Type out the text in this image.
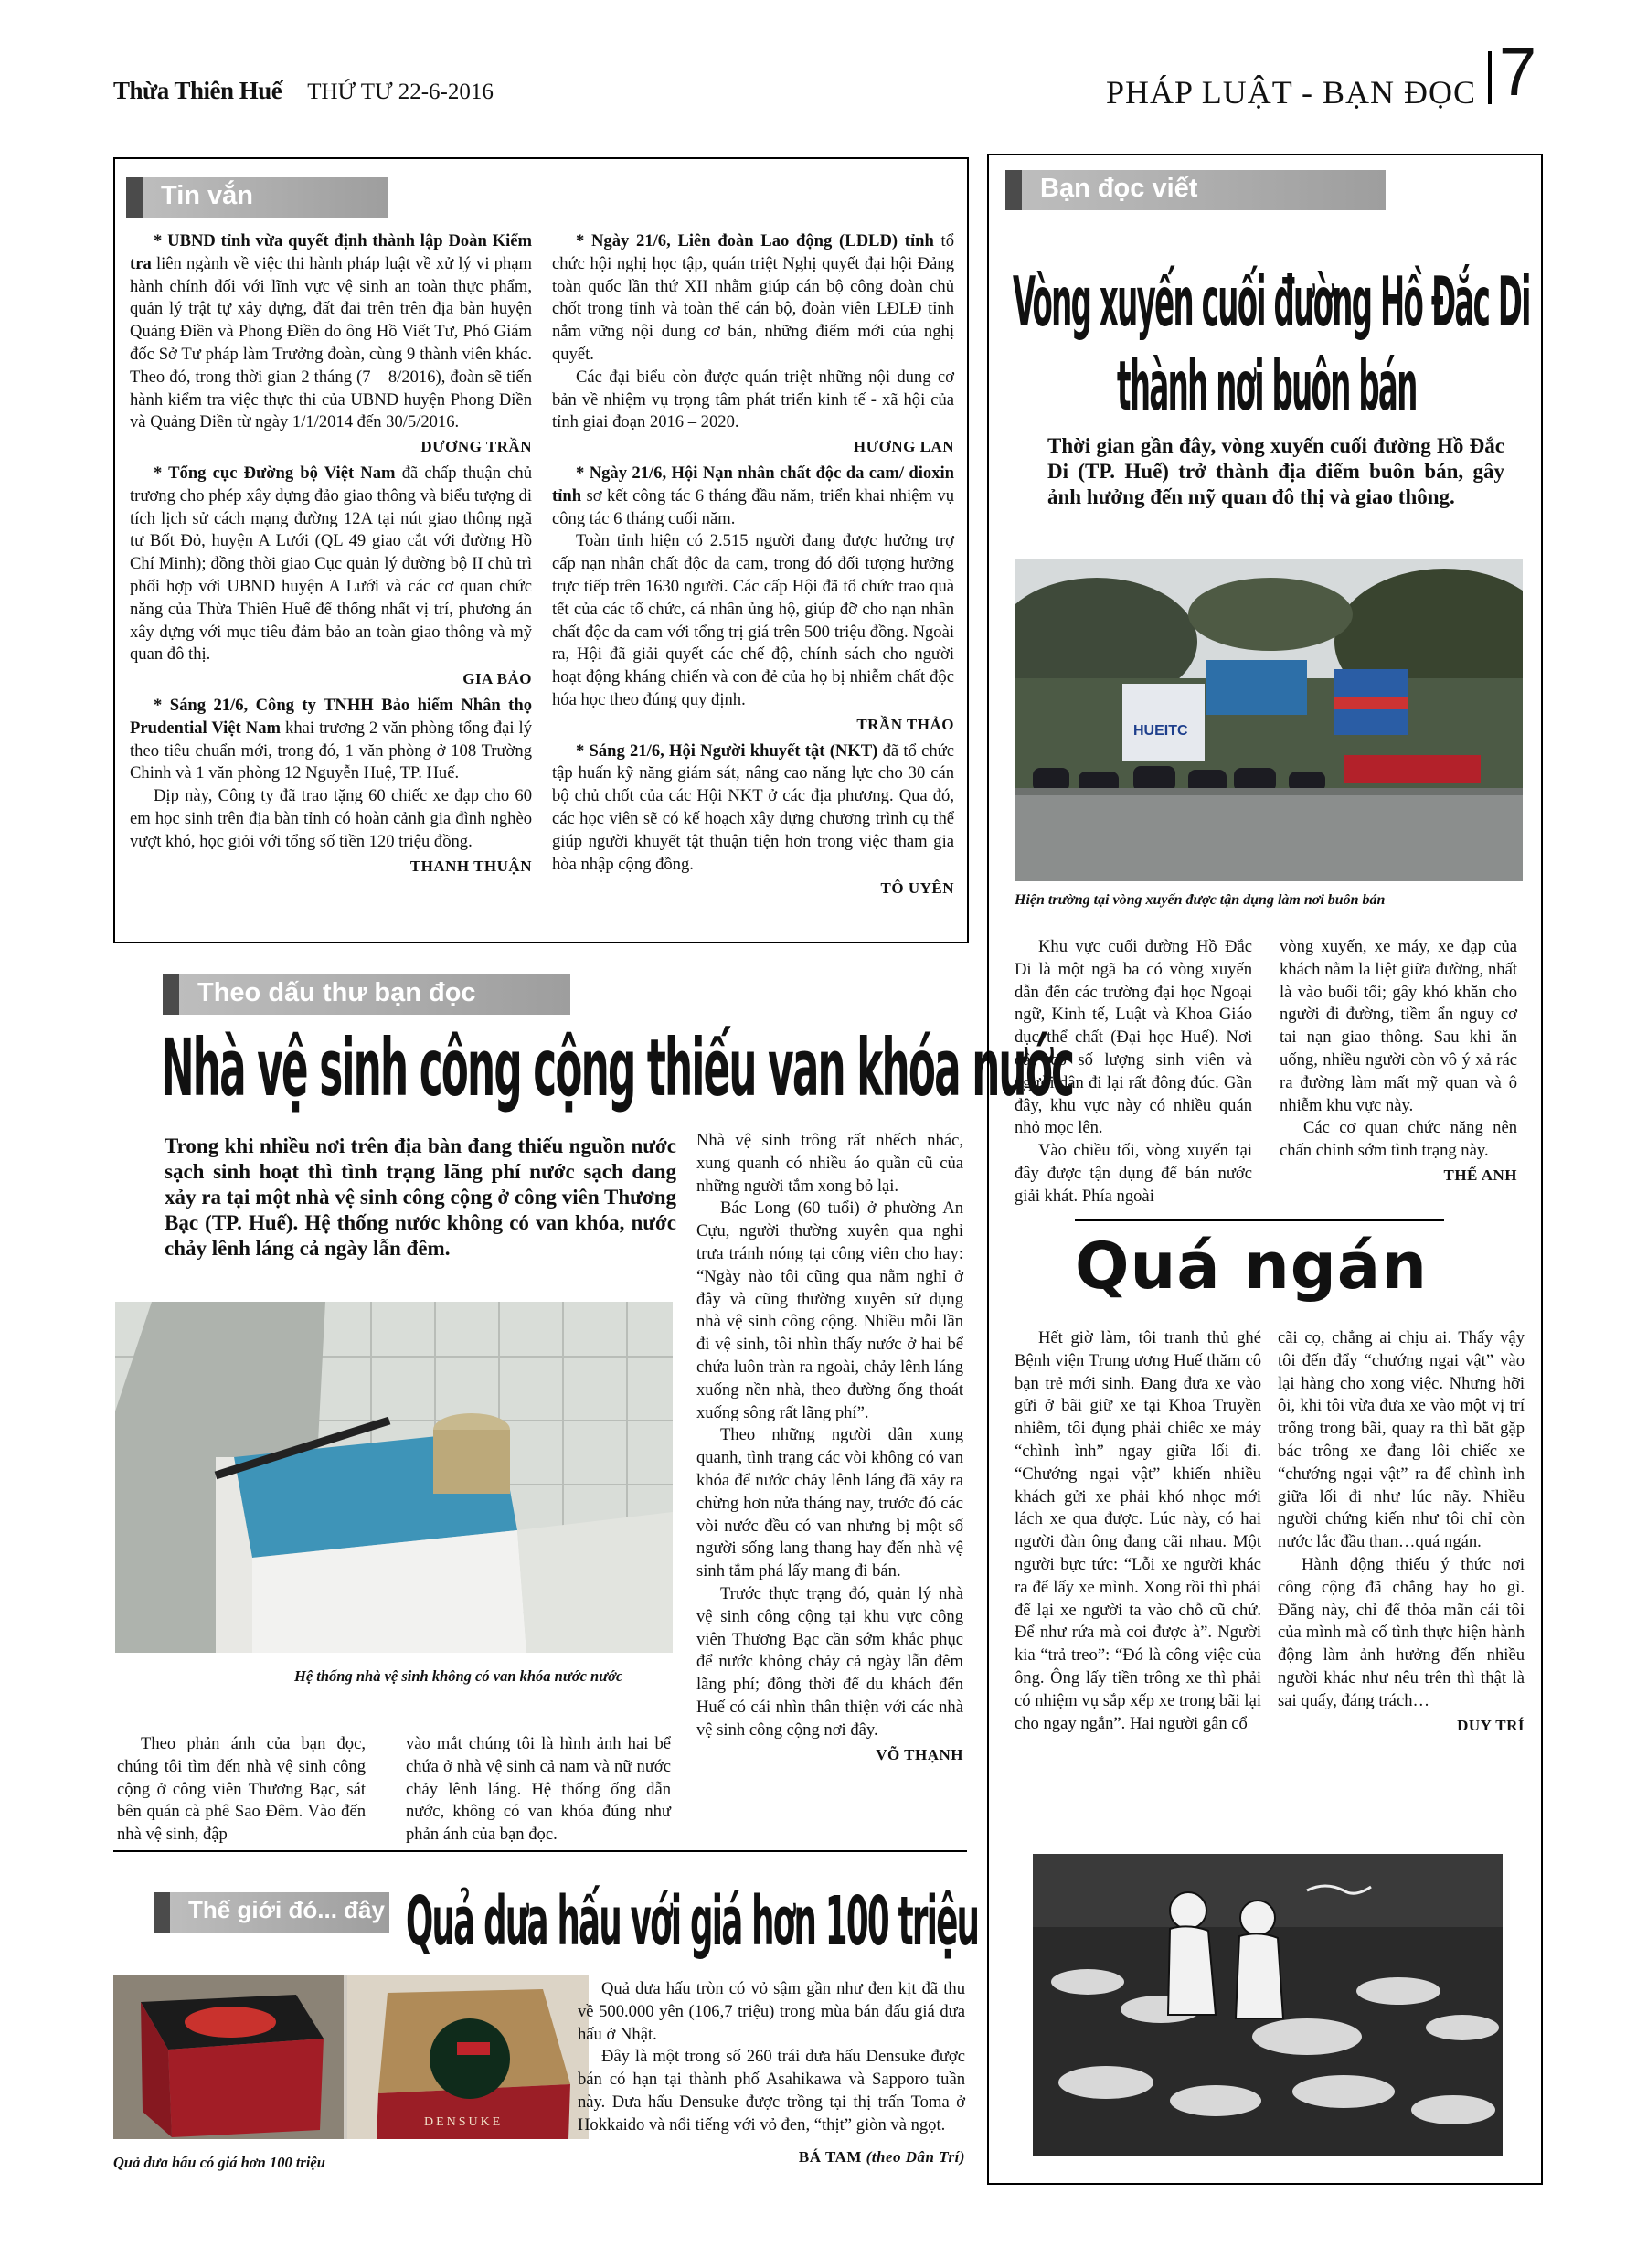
Thừa Thiên Huế THỨ TƯ 22-6-2016	PHÁP LUẬT - BẠN ĐỌC 7
Tin vắn

* UBND tỉnh vừa quyết định thành lập Đoàn Kiểm tra liên ngành về việc thi hành pháp luật về xử lý vi phạm hành chính đối với lĩnh vực vệ sinh an toàn thực phẩm, quản lý trật tự xây dựng, đất đai trên trên địa bàn huyện Quảng Điền và Phong Điền do ông Hồ Viết Tư, Phó Giám đốc Sở Tư pháp làm Trưởng đoàn, cùng 9 thành viên khác. Theo đó, trong thời gian 2 tháng (7 – 8/2016), đoàn sẽ tiến hành kiểm tra việc thực thi của UBND huyện Phong Điền và Quảng Điền từ ngày 1/1/2014 đến 30/5/2016.

DƯƠNG TRẦN

* Tổng cục Đường bộ Việt Nam đã chấp thuận chủ trương cho phép xây dựng đảo giao thông và biểu tượng di tích lịch sử cách mạng đường 12A tại nút giao thông ngã tư Bốt Đỏ, huyện A Lưới (QL 49 giao cắt với đường Hồ Chí Minh); đồng thời giao Cục quản lý đường bộ II chủ trì phối hợp với UBND huyện A Lưới và các cơ quan chức năng của Thừa Thiên Huế để thống nhất vị trí, phương án xây dựng với mục tiêu đảm bảo an toàn giao thông và mỹ quan đô thị.

GIA BẢO

* Sáng 21/6, Công ty TNHH Bảo hiểm Nhân thọ Prudential Việt Nam khai trương 2 văn phòng tổng đại lý theo tiêu chuẩn mới, trong đó, 1 văn phòng ở 108 Trường Chinh và 1 văn phòng 12 Nguyễn Huệ, TP. Huế.

Dịp này, Công ty đã trao tặng 60 chiếc xe đạp cho 60 em học sinh trên địa bàn tỉnh có hoàn cảnh gia đình nghèo vượt khó, học giỏi với tổng số tiền 120 triệu đồng.

THANH THUẬN

* Ngày 21/6, Liên đoàn Lao động (LĐLĐ) tỉnh tổ chức hội nghị học tập, quán triệt Nghị quyết đại hội Đảng toàn quốc lần thứ XII nhằm giúp cán bộ công đoàn chủ chốt trong tỉnh và toàn thể cán bộ, đoàn viên LĐLĐ tỉnh nắm vững nội dung cơ bản, những điểm mới của nghị quyết.

Các đại biểu còn được quán triệt những nội dung cơ bản về nhiệm vụ trọng tâm phát triển kinh tế - xã hội của tỉnh giai đoạn 2016 – 2020.

HƯƠNG LAN

* Ngày 21/6, Hội Nạn nhân chất độc da cam/ dioxin tỉnh sơ kết công tác 6 tháng đầu năm, triển khai nhiệm vụ công tác 6 tháng cuối năm.

Toàn tỉnh hiện có 2.515 người đang được hưởng trợ cấp nạn nhân chất độc da cam, trong đó đối tượng hưởng trực tiếp trên 1630 người. Các cấp Hội đã tổ chức trao quà tết của các tổ chức, cá nhân ủng hộ, giúp đỡ cho nạn nhân chất độc da cam với tổng trị giá trên 500 triệu đồng. Ngoài ra, Hội đã giải quyết các chế độ, chính sách cho người hoạt động kháng chiến và con đẻ của họ bị nhiễm chất độc hóa học theo đúng quy định.

TRẦN THẢO

* Sáng 21/6, Hội Người khuyết tật (NKT) đã tổ chức tập huấn kỹ năng giám sát, nâng cao năng lực cho 30 cán bộ chủ chốt của các Hội NKT ở các địa phương. Qua đó, các học viên sẽ có kế hoạch xây dựng chương trình cụ thể giúp người khuyết tật thuận tiện hơn trong việc tham gia hòa nhập cộng đồng.

TÔ UYÊN
Theo dấu thư bạn đọc
Nhà vệ sinh công cộng thiếu van khóa nước
Trong khi nhiều nơi trên địa bàn đang thiếu nguồn nước sạch sinh hoạt thì tình trạng lãng phí nước sạch đang xảy ra tại một nhà vệ sinh công cộng ở công viên Thương Bạc (TP. Huế). Hệ thống nước không có van khóa, nước chảy lênh láng cả ngày lẫn đêm.
Hệ thống nhà vệ sinh không có van khóa nước nước

Theo phản ánh của bạn đọc, chúng tôi tìm đến nhà vệ sinh công cộng ở công viên Thương Bạc, sát bên quán cà phê Sao Đêm. Vào đến nhà vệ sinh, đập

vào mắt chúng tôi là hình ảnh hai bể chứa ở nhà vệ sinh cả nam và nữ nước chảy lênh láng. Hệ thống ống dẫn nước, không có van khóa đúng như phản ánh của bạn đọc.

Nhà vệ sinh trông rất nhếch nhác, xung quanh có nhiều áo quần cũ của những người tắm xong bỏ lại.

Bác Long (60 tuổi) ở phường An Cựu, người thường xuyên qua nghỉ trưa tránh nóng tại công viên cho hay: “Ngày nào tôi cũng qua nằm nghỉ ở đây và cũng thường xuyên sử dụng nhà vệ sinh công cộng. Nhiều mỗi lần đi vệ sinh, tôi nhìn thấy nước ở hai bể chứa luôn tràn ra ngoài, chảy lênh láng xuống nền nhà, theo đường ống thoát xuống sông rất lãng phí”.

Theo những người dân xung quanh, tình trạng các vòi không có van khóa để nước chảy lênh láng đã xảy ra chừng hơn nửa tháng nay, trước đó các vòi nước đều có van nhưng bị một số người sống lang thang hay đến nhà vệ sinh tắm phá lấy mang đi bán.

Trước thực trạng đó, quản lý nhà vệ sinh công cộng tại khu vực công viên Thương Bạc cần sớm khắc phục để nước không chảy cả ngày lẫn đêm lãng phí; đồng thời để du khách đến Huế có cái nhìn thân thiện với các nhà vệ sinh công cộng nơi đây.

VÕ THẠNH
Thế giới đó... đây Quả dưa hấu với giá hơn 100 triệu
DENSUKE
Quả dưa hấu có giá hơn 100 triệu

Quả dưa hấu tròn có vỏ sậm gần như đen kịt đã thu về 500.000 yên (106,7 triệu) trong mùa bán đấu giá dưa hấu ở Nhật.

Đây là một trong số 260 trái dưa hấu Densuke được bán có hạn tại thành phố Asahikawa và Sapporo tuần này. Dưa hấu Densuke được trồng tại thị trấn Toma ở Hokkaido và nổi tiếng với vỏ đen, “thịt” giòn và ngọt.

BÁ TAM (theo Dân Trí)
Bạn đọc viết
Vòng xuyến cuối đường Hồ Đắc Di
thành nơi buôn bán
Thời gian gần đây, vòng xuyến cuối đường Hồ Đắc Di (TP. Huế) trở thành địa điểm buôn bán, gây ảnh hưởng đến mỹ quan đô thị và giao thông.
HUEITC
Hiện trường tại vòng xuyến được tận dụng làm nơi buôn bán

Khu vực cuối đường Hồ Đắc Di là một ngã ba có vòng xuyến dẫn đến các trường đại học Ngoại ngữ, Kinh tế, Luật và Khoa Giáo dục thể chất (Đại học Huế). Nơi đây có số lượng sinh viên và người dân đi lại rất đông đúc. Gần đây, khu vực này có nhiều quán nhỏ mọc lên.

Vào chiều tối, vòng xuyến tại đây được tận dụng để bán nước giải khát. Phía ngoài

vòng xuyến, xe máy, xe đạp của khách nằm la liệt giữa đường, nhất là vào buổi tối; gây khó khăn cho người đi đường, tiềm ẩn nguy cơ tai nạn giao thông. Sau khi ăn uống, nhiều người còn vô ý xả rác ra đường làm mất mỹ quan và ô nhiễm khu vực này.

Các cơ quan chức năng nên chấn chỉnh sớm tình trạng này.

THẾ ANH
Quá ngán

Hết giờ làm, tôi tranh thủ ghé Bệnh viện Trung ương Huế thăm cô bạn trẻ mới sinh. Đang đưa xe vào gửi ở bãi giữ xe tại Khoa Truyền nhiễm, tôi đụng phải chiếc xe máy “chình ình” ngay giữa lối đi. “Chướng ngại vật” khiến nhiều khách gửi xe phải khó nhọc mới lách xe qua được. Lúc này, có hai người đàn ông đang cãi nhau. Một người bực tức: “Lỗi xe người khác ra để lấy xe mình. Xong rồi thì phải để lại xe người ta vào chỗ cũ chứ. Để như rứa mà coi được à”. Người kia “trả treo”: “Đó là công việc của ông. Ông lấy tiền trông xe thì phải có nhiệm vụ sắp xếp xe trong bãi lại cho ngay ngắn”. Hai người gân cổ

cãi cọ, chẳng ai chịu ai. Thấy vậy tôi đến đẩy “chướng ngại vật” vào lại hàng cho xong việc. Nhưng hỡi ôi, khi tôi vừa đưa xe vào một vị trí trống trong bãi, quay ra thì bắt gặp bác trông xe đang lôi chiếc xe “chướng ngại vật” ra để chình ình giữa lối đi như lúc nãy. Nhiều người chứng kiến như tôi chỉ còn nước lắc đầu than…quá ngán.

Hành động thiếu ý thức nơi công cộng đã chẳng hay ho gì. Đằng này, chỉ để thỏa mãn cái tôi của mình mà cố tình thực hiện hành động làm ảnh hưởng đến nhiều người khác như nêu trên thì thật là sai quấy, đáng trách…

DUY TRÍ
